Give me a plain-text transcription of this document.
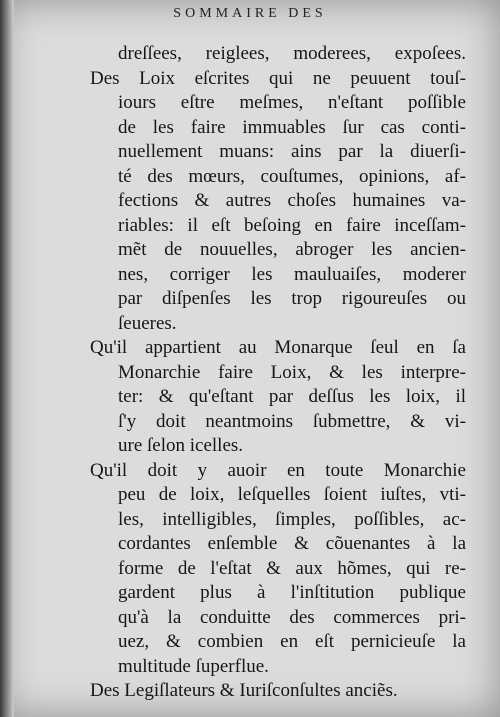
SOMMAIRE DES
dreſſees, reiglees, moderees, expoſees.
Des Loix eſcrites qui ne peuuent touſ-
iours eſtre meſmes, n'eſtant poſſible
de les faire immuables ſur cas conti-
nuellement muans: ains par la diuerſi-
té des mœurs, couſtumes, opinions, af-
fections & autres choſes humaines va-
riables: il eſt beſoing en faire inceſſam-
mẽt de nouuelles, abroger les ancien-
nes, corriger les mauluaiſes, moderer
par diſpenſes les trop rigoureuſes ou
ſeueres.
Qu'il appartient au Monarque ſeul en ſa
Monarchie faire Loix, & les interpre-
ter: & qu'eſtant par deſſus les loix, il
ſ'y doit neantmoins ſubmettre, & vi-
ure ſelon icelles.
Qu'il doit y auoir en toute Monarchie
peu de loix, leſquelles ſoient iuſtes, vti-
les, intelligibles, ſimples, poſſibles, ac-
cordantes enſemble & cõuenantes à la
forme de l'eſtat & aux hõmes, qui re-
gardent plus à l'inſtitution publique
qu'à la conduitte des commerces pri-
uez, & combien en eſt pernicieuſe la
multitude ſuperflue.
Des Legiſlateurs & Iuriſconſultes anciẽs.
